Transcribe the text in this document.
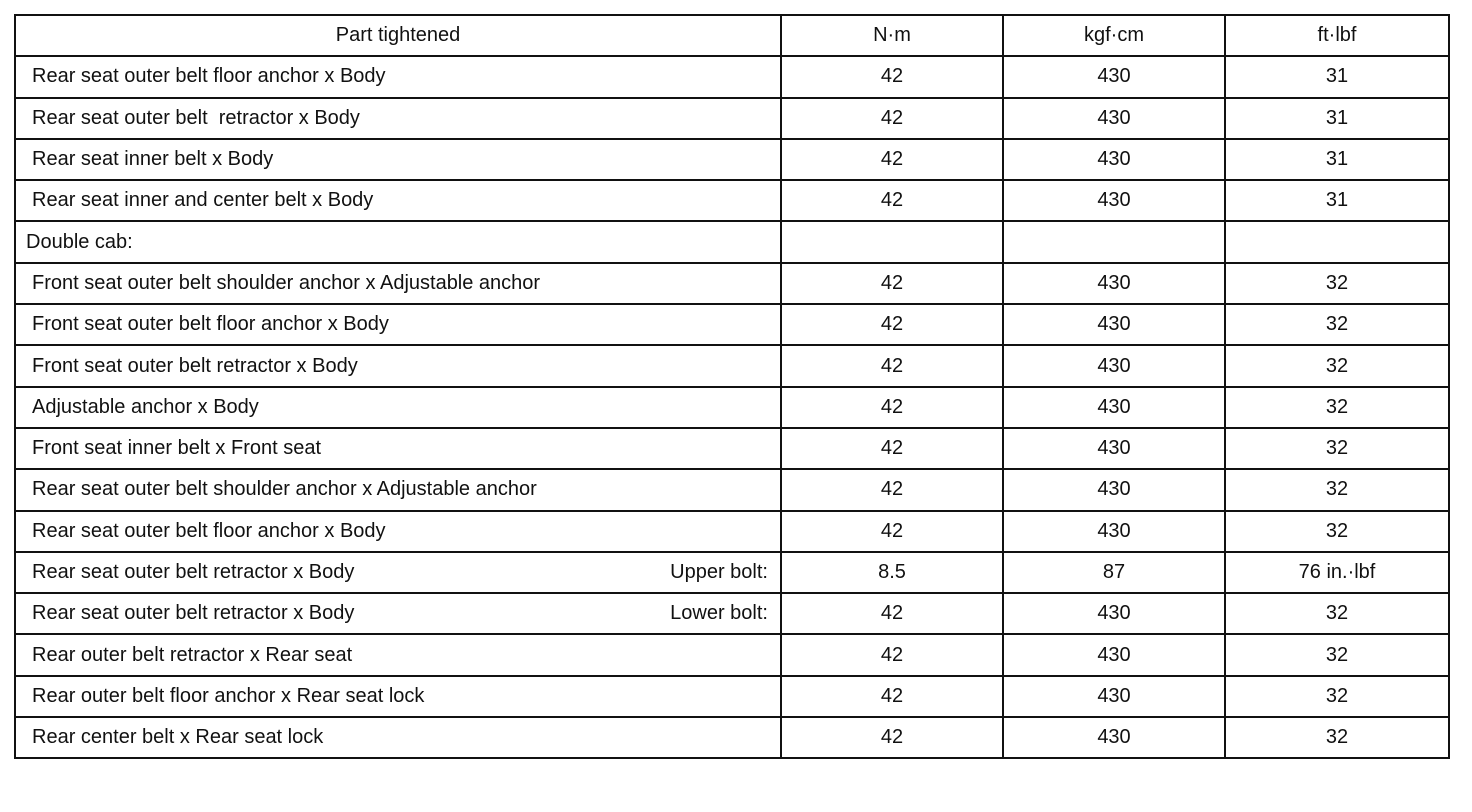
Part tightened	N·m	kgf·cm	ft·lbf

Rear seat outer belt floor anchor x Body	42	430	31

Rear seat outer belt  retractor x Body	42	430	31

Rear seat inner belt x Body	42	430	31

Rear seat inner and center belt x Body	42	430	31
Double cab:			

Front seat outer belt shoulder anchor x Adjustable anchor	42	430	32

Front seat outer belt floor anchor x Body	42	430	32

Front seat outer belt retractor x Body	42	430	32

Adjustable anchor x Body	42	430	32

Front seat inner belt x Front seat	42	430	32

Rear seat outer belt shoulder anchor x Adjustable anchor	42	430	32

Rear seat outer belt floor anchor x Body	42	430	32

Rear seat outer belt retractor x Body Upper bolt:	8.5	87	76 in.·lbf

Rear seat outer belt retractor x Body Lower bolt:	42	430	32

Rear outer belt retractor x Rear seat	42	430	32

Rear outer belt floor anchor x Rear seat lock	42	430	32

Rear center belt x Rear seat lock	42	430	32
